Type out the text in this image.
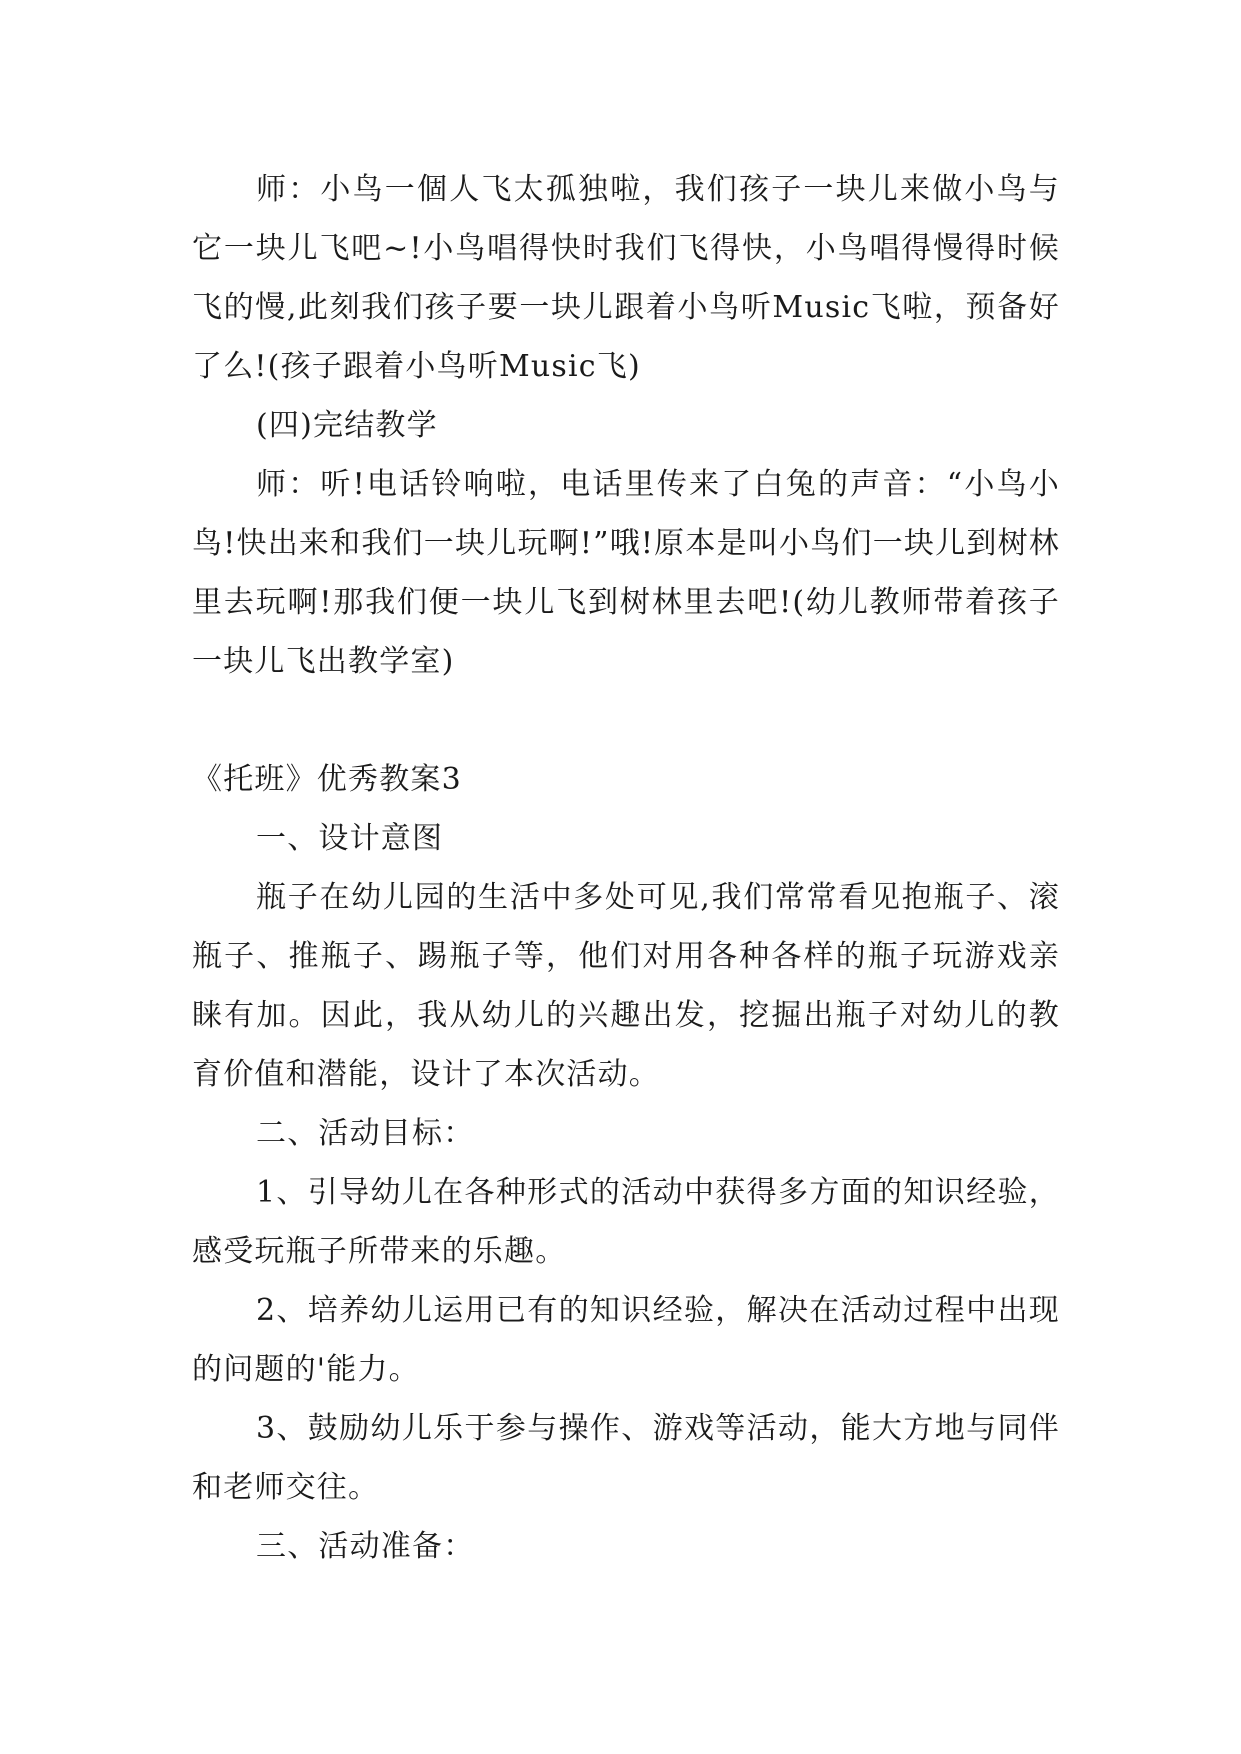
师：小鸟一個人飞太孤独啦，我们孩子一块儿来做小鸟与它一块儿飞吧~!小鸟唱得快时我们飞得快，小鸟唱得慢得时候飞的慢,此刻我们孩子要一块儿跟着小鸟听Music飞啦，预备好了么!(孩子跟着小鸟听Music飞)

(四)完结教学

师：听!电话铃响啦，电话里传来了白兔的声音：“小鸟小鸟!快出来和我们一块儿玩啊!”哦!原本是叫小鸟们一块儿到树林里去玩啊!那我们便一块儿飞到树林里去吧!(幼儿教师带着孩子一块儿飞出教学室)

《托班》优秀教案3

一、设计意图

瓶子在幼儿园的生活中多处可见,我们常常看见抱瓶子、滚瓶子、推瓶子、踢瓶子等，他们对用各种各样的瓶子玩游戏亲睐有加。因此，我从幼儿的兴趣出发，挖掘出瓶子对幼儿的教育价值和潜能，设计了本次活动。

二、活动目标：

1、引导幼儿在各种形式的活动中获得多方面的知识经验，感受玩瓶子所带来的乐趣。

2、培养幼儿运用已有的知识经验，解决在活动过程中出现的问题的'能力。

3、鼓励幼儿乐于参与操作、游戏等活动，能大方地与同伴和老师交往。

三、活动准备：
